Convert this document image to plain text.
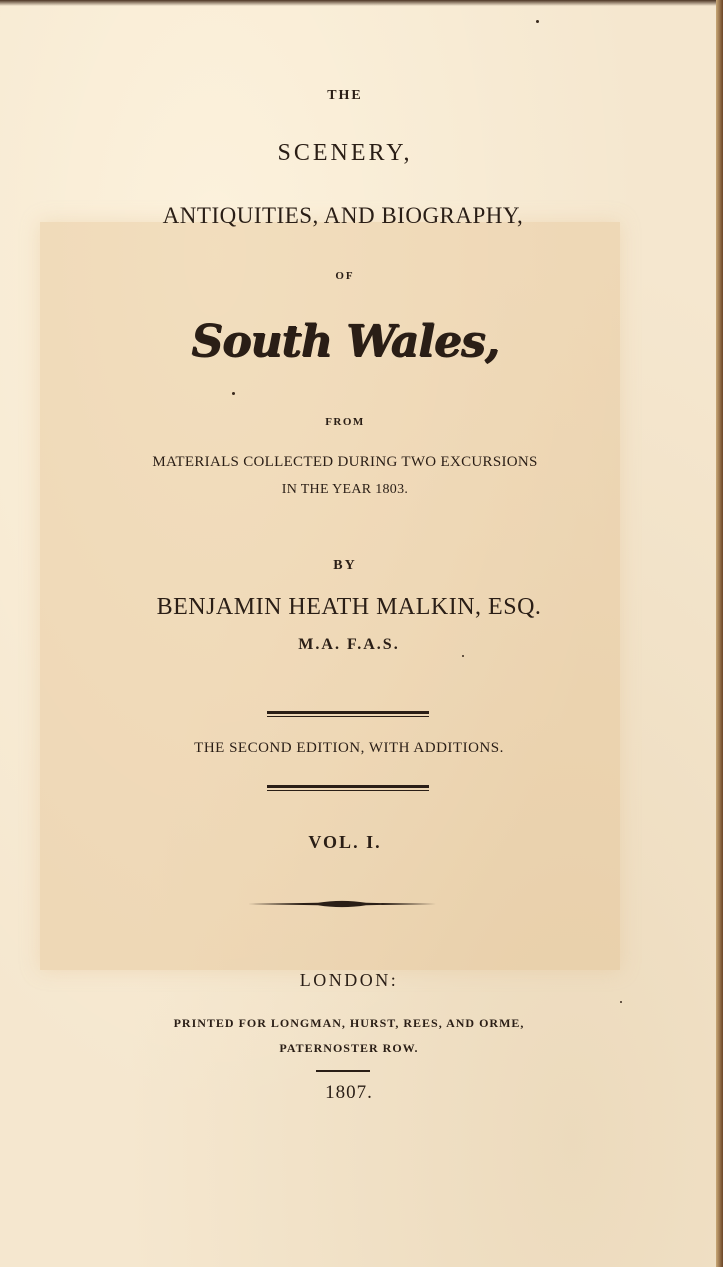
THE
SCENERY,
ANTIQUITIES, AND BIOGRAPHY,
OF
South Wales,
FROM
MATERIALS COLLECTED DURING TWO EXCURSIONS
IN THE YEAR 1803.
BY
BENJAMIN HEATH MALKIN, ESQ.
M.A. F.A.S.
THE SECOND EDITION, WITH ADDITIONS.
VOL. I.
LONDON:
PRINTED FOR LONGMAN, HURST, REES, AND ORME,
PATERNOSTER ROW.
1807.
